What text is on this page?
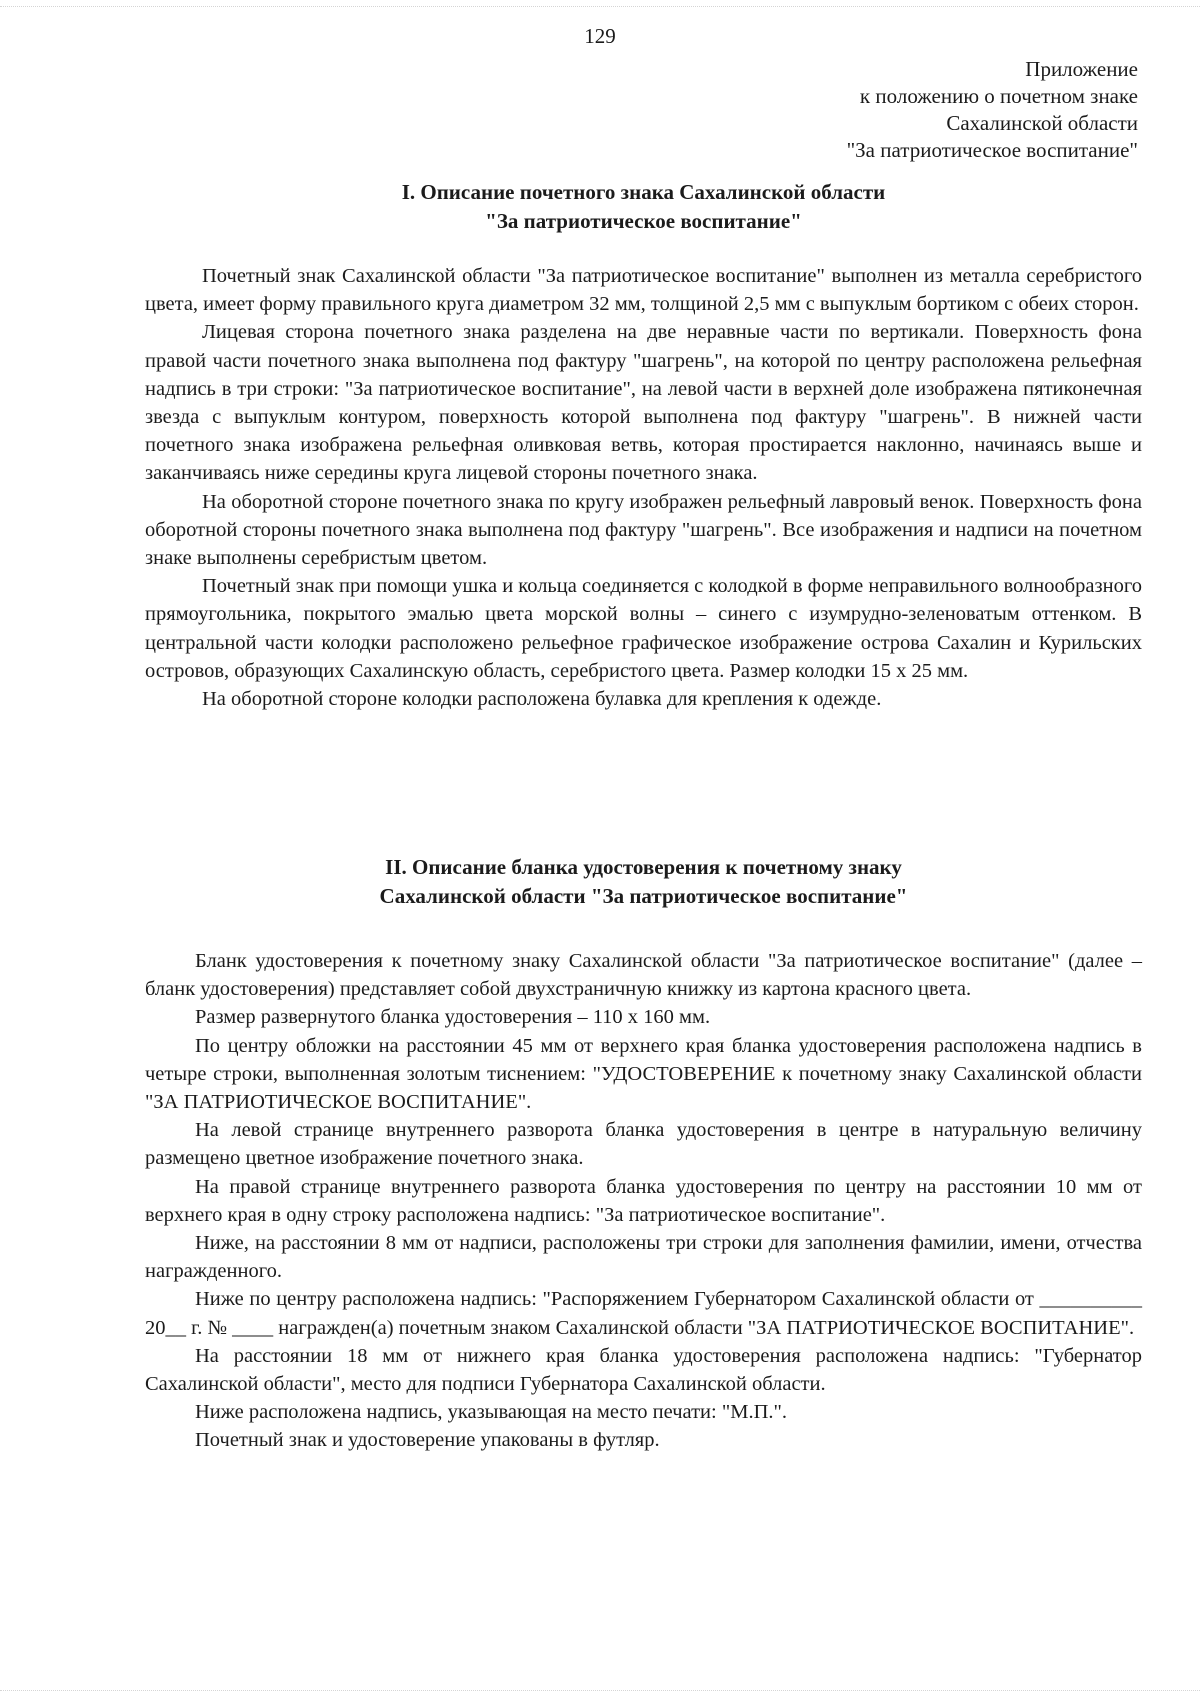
129
Приложение
к положению о почетном знаке
Сахалинской области
"За патриотическое воспитание"
I. Описание почетного знака Сахалинской области
"За патриотическое воспитание"

Почетный знак Сахалинской области "За патриотическое воспитание" выполнен из металла серебристого цвета, имеет форму правильного круга диаметром 32 мм, толщиной 2,5 мм с выпуклым бортиком с обеих сторон.

Лицевая сторона почетного знака разделена на две неравные части по вертикали. Поверхность фона правой части почетного знака выполнена под фактуру "шагрень", на которой по центру расположена рельефная надпись в три строки: "За патриотическое воспитание", на левой части в верхней доле изображена пятиконечная звезда с выпуклым контуром, поверхность которой выполнена под фактуру "шагрень". В нижней части почетного знака изображена рельефная оливковая ветвь, которая простирается наклонно, начинаясь выше и заканчиваясь ниже середины круга лицевой стороны почетного знака.

На оборотной стороне почетного знака по кругу изображен рельефный лавровый венок. Поверхность фона оборотной стороны почетного знака выполнена под фактуру "шагрень". Все изображения и надписи на почетном знаке выполнены серебристым цветом.

Почетный знак при помощи ушка и кольца соединяется с колодкой в форме неправильного волнообразного прямоугольника, покрытого эмалью цвета морской волны – синего с изумрудно-зеленоватым оттенком. В центральной части колодки расположено рельефное графическое изображение острова Сахалин и Курильских островов, образующих Сахалинскую область, серебристого цвета. Размер колодки 15 х 25 мм.

На оборотной стороне колодки расположена булавка для крепления к одежде.

II. Описание бланка удостоверения к почетному знаку
Сахалинской области "За патриотическое воспитание"

Бланк удостоверения к почетному знаку Сахалинской области "За патриотическое воспитание" (далее – бланк удостоверения) представляет собой двухстраничную книжку из картона красного цвета.

Размер развернутого бланка удостоверения – 110 х 160 мм.

По центру обложки на расстоянии 45 мм от верхнего края бланка удостоверения расположена надпись в четыре строки, выполненная золотым тиснением: "УДОСТОВЕРЕНИЕ к почетному знаку Сахалинской области "ЗА ПАТРИОТИЧЕСКОЕ ВОСПИТАНИЕ".

На левой странице внутреннего разворота бланка удостоверения в центре в натуральную величину размещено цветное изображение почетного знака.

На правой странице внутреннего разворота бланка удостоверения по центру на расстоянии 10 мм от верхнего края в одну строку расположена надпись: "За патриотическое воспитание".

Ниже, на расстоянии 8 мм от надписи, расположены три строки для заполнения фамилии, имени, отчества награжденного.

Ниже по центру расположена надпись: "Распоряжением Губернатором Сахалинской области от __________ 20__ г. № ____ награжден(а) почетным знаком Сахалинской области "ЗА ПАТРИОТИЧЕСКОЕ ВОСПИТАНИЕ".

На расстоянии 18 мм от нижнего края бланка удостоверения расположена надпись: "Губернатор Сахалинской области", место для подписи Губернатора Сахалинской области.

Ниже расположена надпись, указывающая на место печати: "М.П.".

Почетный знак и удостоверение упакованы в футляр.
